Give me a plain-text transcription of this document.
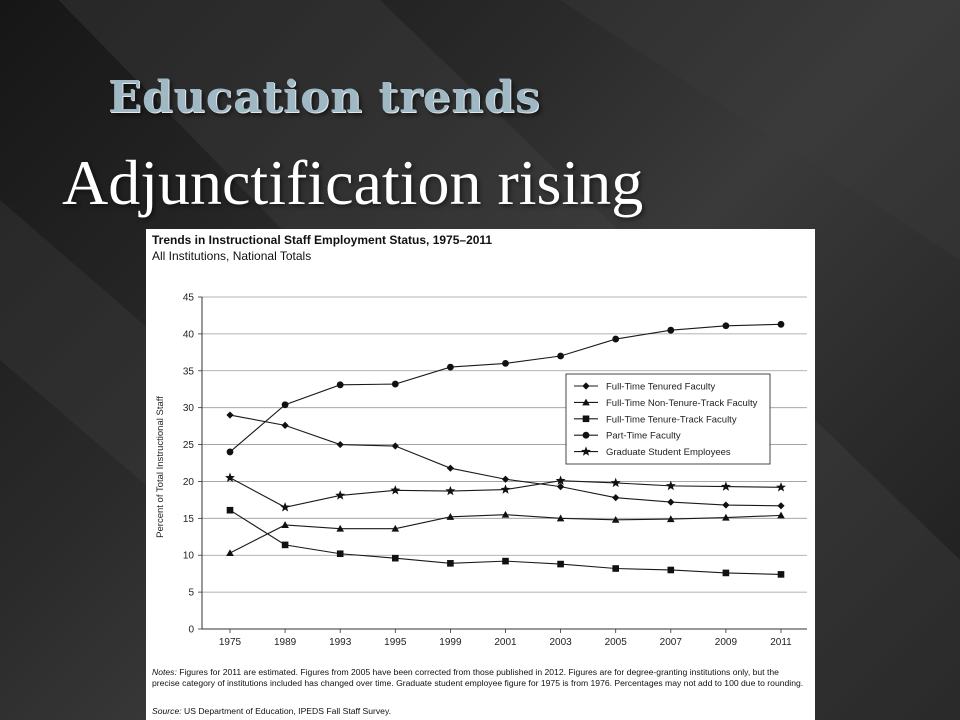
Education trends
Adjunctification rising
Trends in Instructional Staff Employment Status, 1975–2011
All Institutions, National Totals
0
5
10
15
20
25
30
35
40
45
1975	1989	1993	1995	1999	2001	2003	2005	2007	2009	2011
Percent of Total Instructional Staff
Full-Time Tenured Faculty
Full-Time Non-Tenure-Track Faculty
Full-Time Tenure-Track Faculty
Part-Time Faculty
Graduate Student Employees
Notes: Figures for 2011 are estimated. Figures from 2005 have been corrected from those published in 2012. Figures are for degree-granting institutions only, but the precise category of institutions included has changed over time. Graduate student employee figure for 1975 is from 1976. Percentages may not add to 100 due to rounding.
Source: US Department of Education, IPEDS Fall Staff Survey.
